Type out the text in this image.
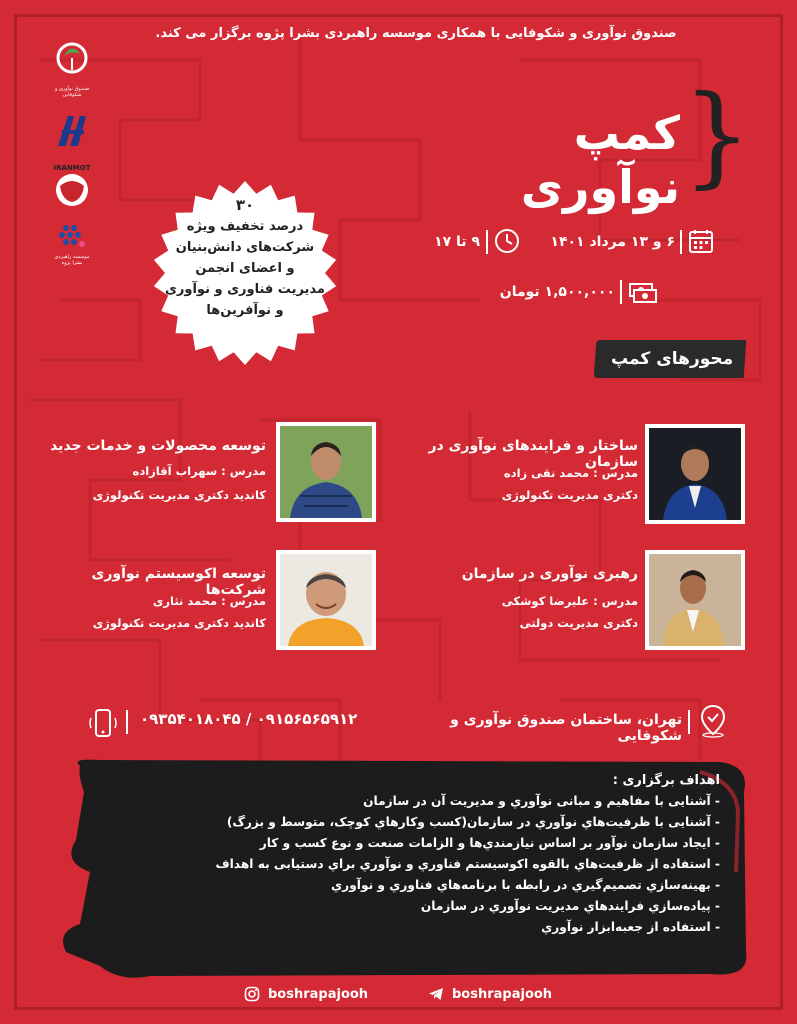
صندوق نوآوری و شکوفایی با همکاری موسسه راهبردی بشرا پژوه برگزار می کند.
صندوق نوآوری و شکوفایی
IRANMOT
موسسه راهبردی بشرا پژوه
کمپ نوآوری }
۳۰
درصد تخفیف ویژه
شرکت‌های دانش‌بنیان
و اعضای انجمن
مدیریت فناوری و نوآوری
و نوآفرین‌ها
۶ و ۱۳ مرداد ۱۴۰۱
۹ تا ۱۷
۱,۵۰۰,۰۰۰ تومان
محورهای کمپ
ساختار و فرایندهای نوآوری در سازمان
مدرس : محمد نقی زاده
دکتری مدیریت تکنولوژی
توسعه محصولات و خدمات جدید
مدرس : سهراب آقازاده
کاندید دکتری مدیریت تکنولوژی
رهبری نوآوری در سازمان
مدرس : علیرضا کوشکی
دکتری مدیریت دولتی
توسعه اکوسیستم نوآوری شرکت‌ها
مدرس : محمد نثاری
کاندید دکتری مدیریت تکنولوژی
۰۹۳۵۴۰۱۸۰۴۵ / ۰۹۱۵۶۵۶۵۹۱۲	تهران، ساختمان صندوق نوآوری و شکوفایی
اهداف برگزاری :
- آشنایی با مفاهیم و مبانی نوآوري و مدیریت آن در سازمان
- آشنایی با ظرفیت‌هاي نوآوري در سازمان(کسب وکارهاي کوچک، متوسط و بزرگ)
- ایجاد سازمان نوآور بر اساس نیازمندي‌ها و الزامات صنعت و نوع کسب و کار
- استفاده از ظرفیت‌هاي بالقوه اکوسیستم فناوري و نوآوري براي دستیابی به اهداف
- بهینه‌سازي تصمیم‌گیري در رابطه با برنامه‌هاي فناوري و نوآوري
- پیاده‌سازي فرایندهاي مدیریت نوآوري در سازمان
- استفاده از جعبه‌ابزار نوآوري
boshrapajooh	boshrapajooh
